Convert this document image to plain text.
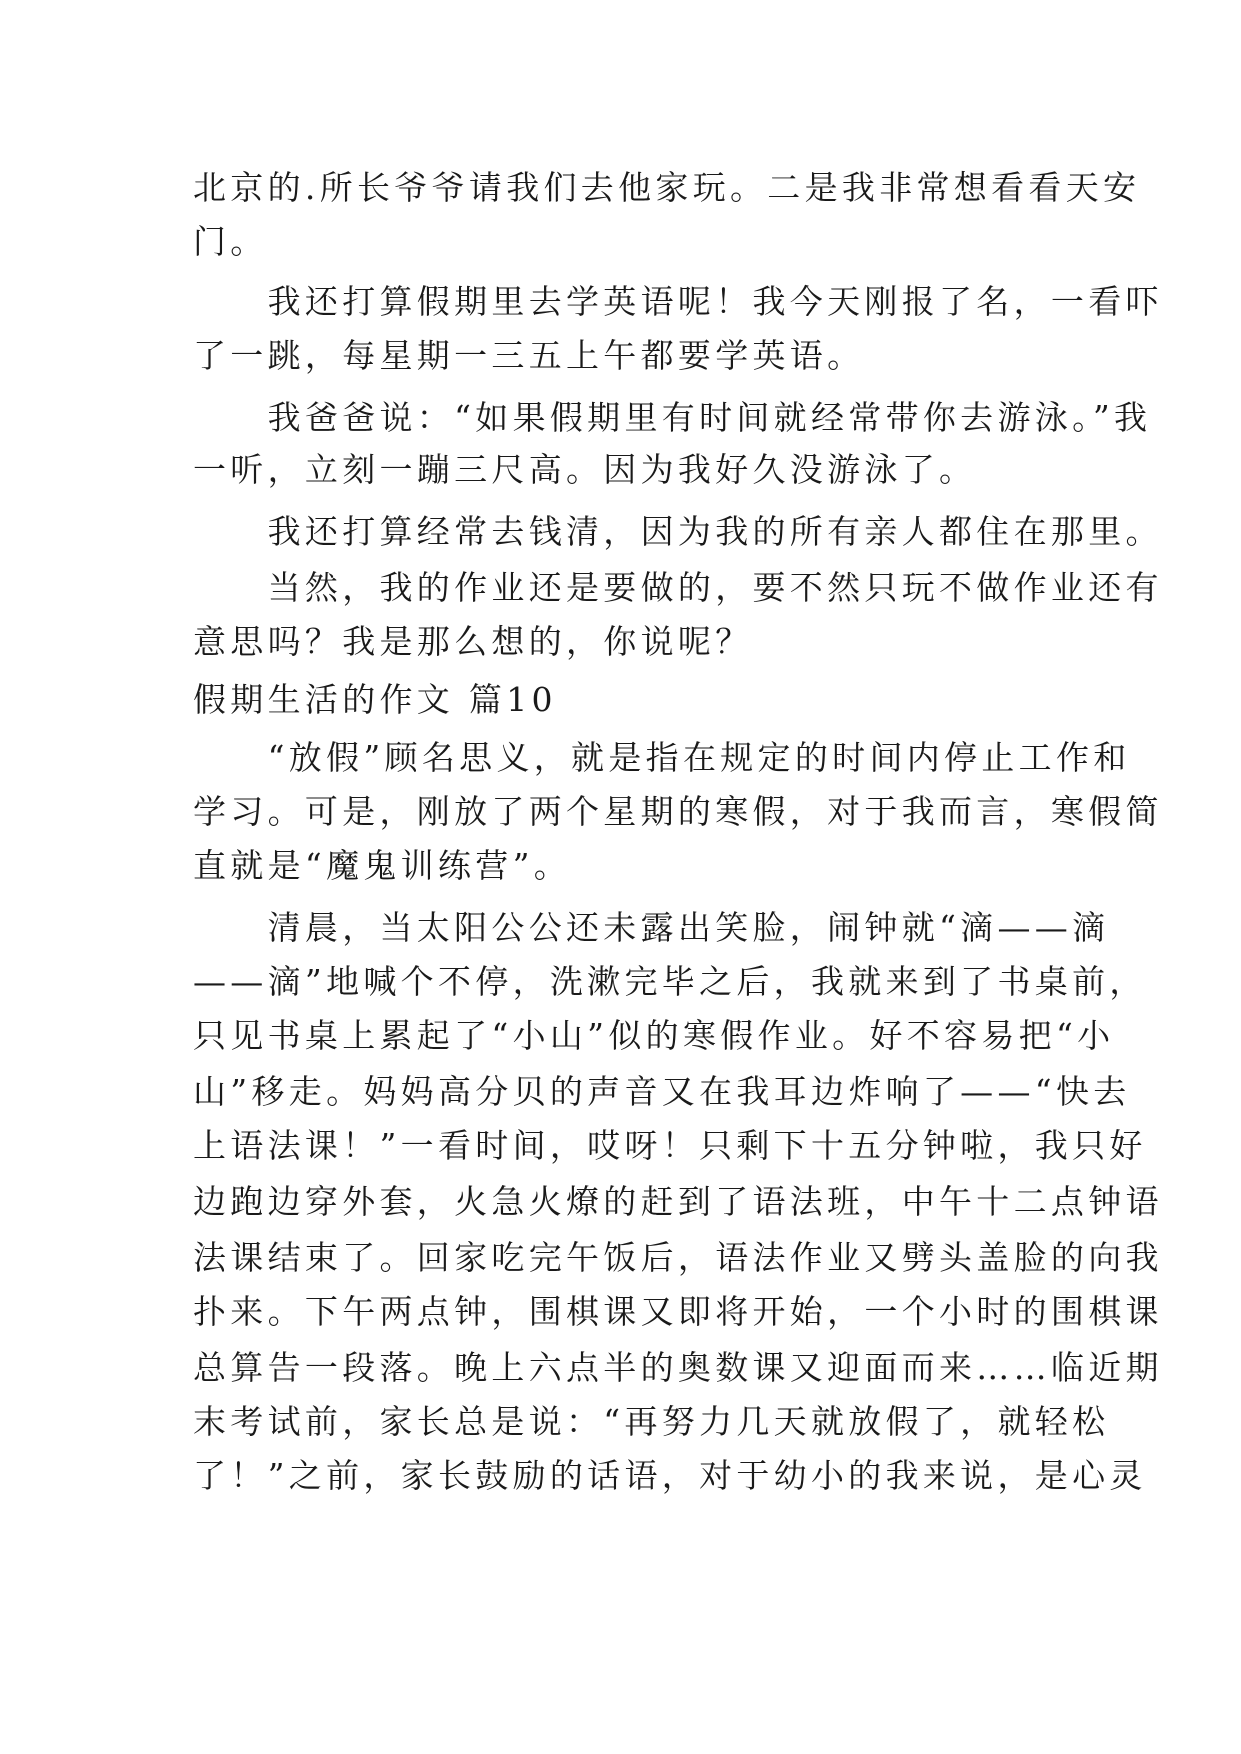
北京的.所长爷爷请我们去他家玩。二是我非常想看看天安
门。
　　我还打算假期里去学英语呢！我今天刚报了名，一看吓
了一跳，每星期一三五上午都要学英语。
　　我爸爸说：“如果假期里有时间就经常带你去游泳。”我
一听，立刻一蹦三尺高。因为我好久没游泳了。
　　我还打算经常去钱清，因为我的所有亲人都住在那里。
　　当然，我的作业还是要做的，要不然只玩不做作业还有
意思吗？我是那么想的，你说呢？
假期生活的作文 篇10
　　“放假”顾名思义，就是指在规定的时间内停止工作和
学习。可是，刚放了两个星期的寒假，对于我而言，寒假简
直就是“魔鬼训练营”。
　　清晨，当太阳公公还未露出笑脸，闹钟就“滴——滴
——滴”地喊个不停，洗漱完毕之后，我就来到了书桌前，
只见书桌上累起了“小山”似的寒假作业。好不容易把“小
山”移走。妈妈高分贝的声音又在我耳边炸响了——“快去
上语法课！”一看时间，哎呀！只剩下十五分钟啦，我只好
边跑边穿外套，火急火燎的赶到了语法班，中午十二点钟语
法课结束了。回家吃完午饭后，语法作业又劈头盖脸的向我
扑来。下午两点钟，围棋课又即将开始，一个小时的围棋课
总算告一段落。晚上六点半的奥数课又迎面而来……临近期
末考试前，家长总是说：“再努力几天就放假了，就轻松
了！”之前，家长鼓励的话语，对于幼小的我来说，是心灵
